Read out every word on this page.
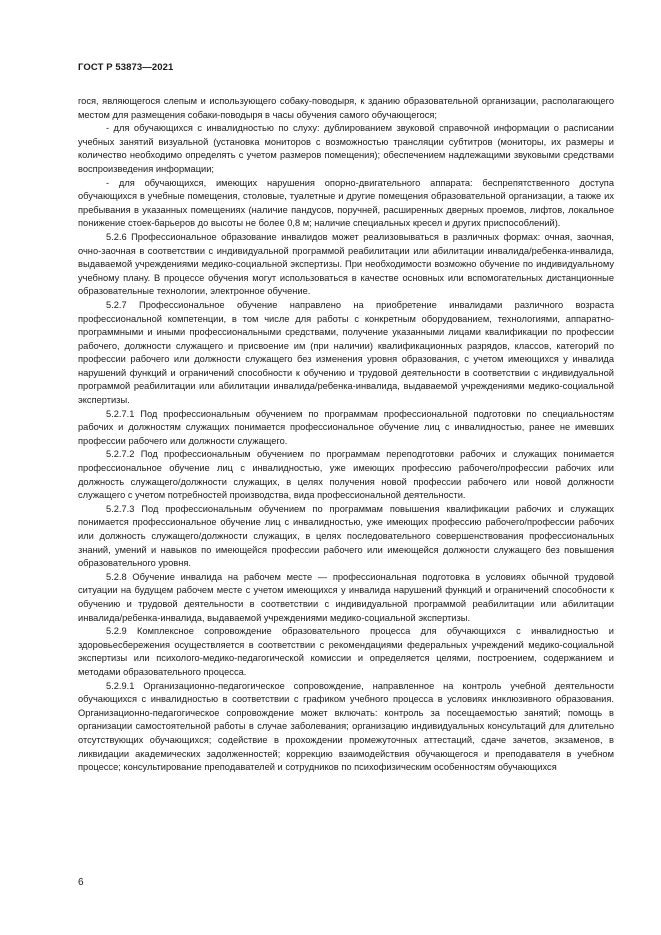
ГОСТ Р 53873—2021

гося, являющегося слепым и использующего собаку-поводыря, к зданию образовательной организации, располагающего местом для размещения собаки-поводыря в часы обучения самого обучающегося;

- для обучающихся с инвалидностью по слуху: дублированием звуковой справочной информации о расписании учебных занятий визуальной (установка мониторов с возможностью трансляции субтитров (мониторы, их размеры и количество необходимо определять с учетом размеров помещения); обеспечением надлежащими звуковыми средствами воспроизведения информации;

- для обучающихся, имеющих нарушения опорно-двигательного аппарата: беспрепятственного доступа обучающихся в учебные помещения, столовые, туалетные и другие помещения образовательной организации, а также их пребывания в указанных помещениях (наличие пандусов, поручней, расширенных дверных проемов, лифтов, локальное понижение стоек-барьеров до высоты не более 0,8 м; наличие специальных кресел и других приспособлений).

5.2.6 Профессиональное образование инвалидов может реализовываться в различных формах: очная, заочная, очно-заочная в соответствии с индивидуальной программой реабилитации или абилитации инвалида/ребенка-инвалида, выдаваемой учреждениями медико-социальной экспертизы. При необходимости возможно обучение по индивидуальному учебному плану. В процессе обучения могут использоваться в качестве основных или вспомогательных дистанционные образовательные технологии, электронное обучение.

5.2.7 Профессиональное обучение направлено на приобретение инвалидами различного возраста профессиональной компетенции, в том числе для работы с конкретным оборудованием, технологиями, аппаратно-программными и иными профессиональными средствами, получение указанными лицами квалификации по профессии рабочего, должности служащего и присвоение им (при наличии) квалификационных разрядов, классов, категорий по профессии рабочего или должности служащего без изменения уровня образования, с учетом имеющихся у инвалида нарушений функций и ограничений способности к обучению и трудовой деятельности в соответствии с индивидуальной программой реабилитации или абилитации инвалида/ребенка-инвалида, выдаваемой учреждениями медико-социальной экспертизы.

5.2.7.1 Под профессиональным обучением по программам профессиональной подготовки по специальностям рабочих и должностям служащих понимается профессиональное обучение лиц с инвалидностью, ранее не имевших профессии рабочего или должности служащего.

5.2.7.2 Под профессиональным обучением по программам переподготовки рабочих и служащих понимается профессиональное обучение лиц с инвалидностью, уже имеющих профессию рабочего/профессии рабочих или должность служащего/должности служащих, в целях получения новой профессии рабочего или новой должности служащего с учетом потребностей производства, вида профессиональной деятельности.

5.2.7.3 Под профессиональным обучением по программам повышения квалификации рабочих и служащих понимается профессиональное обучение лиц с инвалидностью, уже имеющих профессию рабочего/профессии рабочих или должность служащего/должности служащих, в целях последовательного совершенствования профессиональных знаний, умений и навыков по имеющейся профессии рабочего или имеющейся должности служащего без повышения образовательного уровня.

5.2.8 Обучение инвалида на рабочем месте — профессиональная подготовка в условиях обычной трудовой ситуации на будущем рабочем месте с учетом имеющихся у инвалида нарушений функций и ограничений способности к обучению и трудовой деятельности в соответствии с индивидуальной программой реабилитации или абилитации инвалида/ребенка-инвалида, выдаваемой учреждениями медико-социальной экспертизы.

5.2.9 Комплексное сопровождение образовательного процесса для обучающихся с инвалидностью и здоровьесбережения осуществляется в соответствии с рекомендациями федеральных учреждений медико-социальной экспертизы или психолого-медико-педагогической комиссии и определяется целями, построением, содержанием и методами образовательного процесса.

5.2.9.1 Организационно-педагогическое сопровождение, направленное на контроль учебной деятельности обучающихся с инвалидностью в соответствии с графиком учебного процесса в условиях инклюзивного образования. Организационно-педагогическое сопровождение может включать: контроль за посещаемостью занятий; помощь в организации самостоятельной работы в случае заболевания; организацию индивидуальных консультаций для длительно отсутствующих обучающихся; содействие в прохождении промежуточных аттестаций, сдаче зачетов, экзаменов, в ликвидации академических задолженностей; коррекцию взаимодействия обучающегося и преподавателя в учебном процессе; консультирование преподавателей и сотрудников по психофизическим особенностям обучающихся

6
